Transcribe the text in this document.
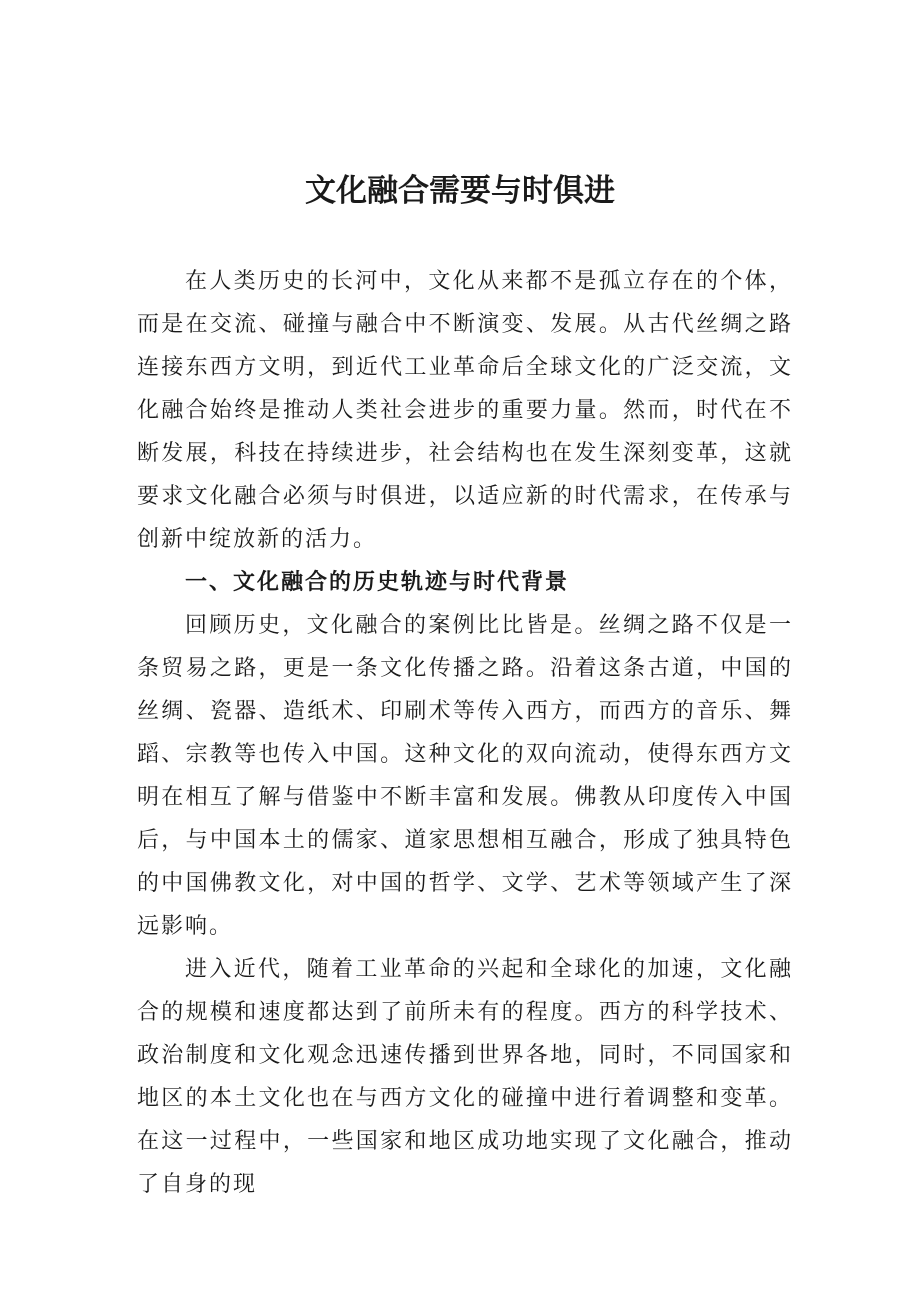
文化融合需要与时俱进

在人类历史的长河中，文化从来都不是孤立存在的个体，而是在交流、碰撞与融合中不断演变、发展。从古代丝绸之路连接东西方文明，到近代工业革命后全球文化的广泛交流，文化融合始终是推动人类社会进步的重要力量。然而，时代在不断发展，科技在持续进步，社会结构也在发生深刻变革，这就要求文化融合必须与时俱进，以适应新的时代需求，在传承与创新中绽放新的活力。

一、文化融合的历史轨迹与时代背景

回顾历史，文化融合的案例比比皆是。丝绸之路不仅是一条贸易之路，更是一条文化传播之路。沿着这条古道，中国的丝绸、瓷器、造纸术、印刷术等传入西方，而西方的音乐、舞蹈、宗教等也传入中国。这种文化的双向流动，使得东西方文明在相互了解与借鉴中不断丰富和发展。佛教从印度传入中国后，与中国本土的儒家、道家思想相互融合，形成了独具特色的中国佛教文化，对中国的哲学、文学、艺术等领域产生了深远影响。

进入近代，随着工业革命的兴起和全球化的加速，文化融合的规模和速度都达到了前所未有的程度。西方的科学技术、政治制度和文化观念迅速传播到世界各地，同时，不同国家和地区的本土文化也在与西方文化的碰撞中进行着调整和变革。在这一过程中，一些国家和地区成功地实现了文化融合，推动了自身的现
